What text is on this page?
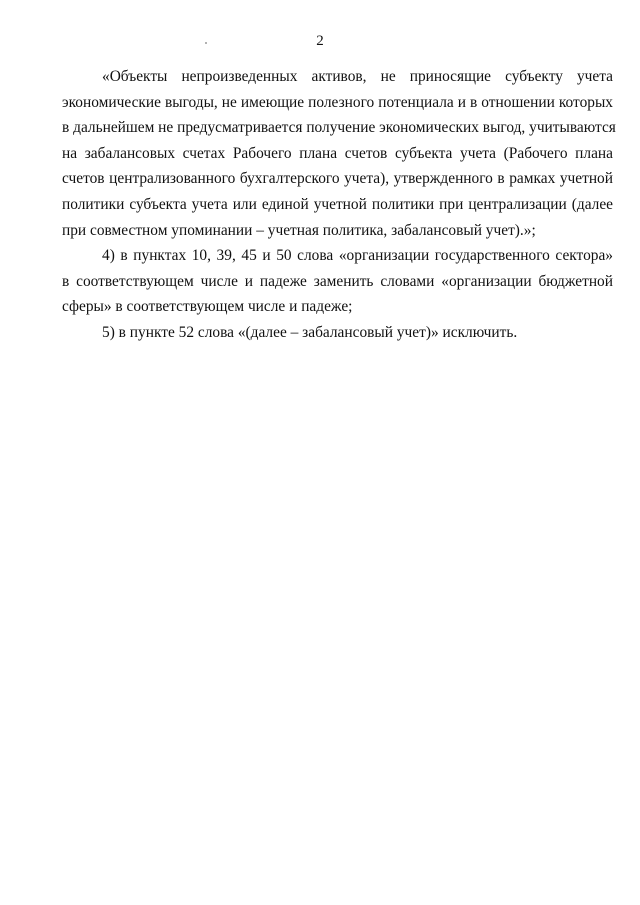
2
«Объекты непроизведенных активов, не приносящие субъекту учета
экономические выгоды, не имеющие полезного потенциала и в отношении которых
в дальнейшем не предусматривается получение экономических выгод, учитываются
на забалансовых счетах Рабочего плана счетов субъекта учета (Рабочего плана
счетов централизованного бухгалтерского учета), утвержденного в рамках учетной
политики субъекта учета или единой учетной политики при централизации (далее
при совместном упоминании – учетная политика, забалансовый учет).»;
4) в пунктах 10, 39, 45 и 50 слова «организации государственного сектора»
в соответствующем числе и падеже заменить словами «организации бюджетной
сферы» в соответствующем числе и падеже;
5) в пункте 52 слова «(далее – забалансовый учет)» исключить.
